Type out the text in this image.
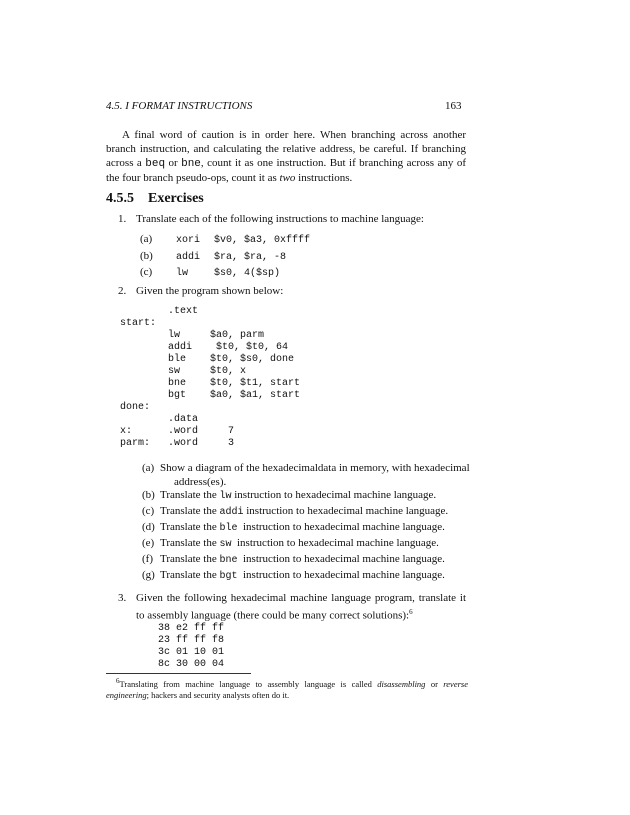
4.5. I FORMAT INSTRUCTIONS	163
A final word of caution is in order here. When branching across another branch instruction, and calculating the relative address, be careful. If branching across a beq or bne, count it as one instruction. But if branching across any of the four branch pseudo-ops, count it as two instructions.
4.5.5 Exercises
1. Translate each of the following instructions to machine language:
(a) xori $v0, $a3, 0xffff
(b) addi $ra, $ra, -8
(c) lw	$s0, 4($sp)
2. Given the program shown below:
.text
start:
lw     $a0, parm
addi    $t0, $t0, 64
ble    $t0, $s0, done
sw     $t0, x
bne    $t0, $t1, start
bgt    $a0, $a1, start
done:
.data
x:      .word     7
parm:   .word     3
(a) Show a diagram of the hexadecimaldata in memory, with hexadecimal address(es).
(b) Translate the lw instruction to hexadecimal machine language.
(c) Translate the addi instruction to hexadecimal machine language.
(d) Translate the ble  instruction to hexadecimal machine language.
(e) Translate the sw  instruction to hexadecimal machine language.
(f) Translate the bne  instruction to hexadecimal machine language.
(g) Translate the bgt  instruction to hexadecimal machine language.
3. Given the following hexadecimal machine language program, translate it to assembly language (there could be many correct solutions):$^6$
38 e2 ff ff
23 ff ff f8
3c 01 10 01
8c 30 00 04
$^6$Translating from machine language to assembly language is called disassembling or reverse engineering; hackers and security analysts often do it.
